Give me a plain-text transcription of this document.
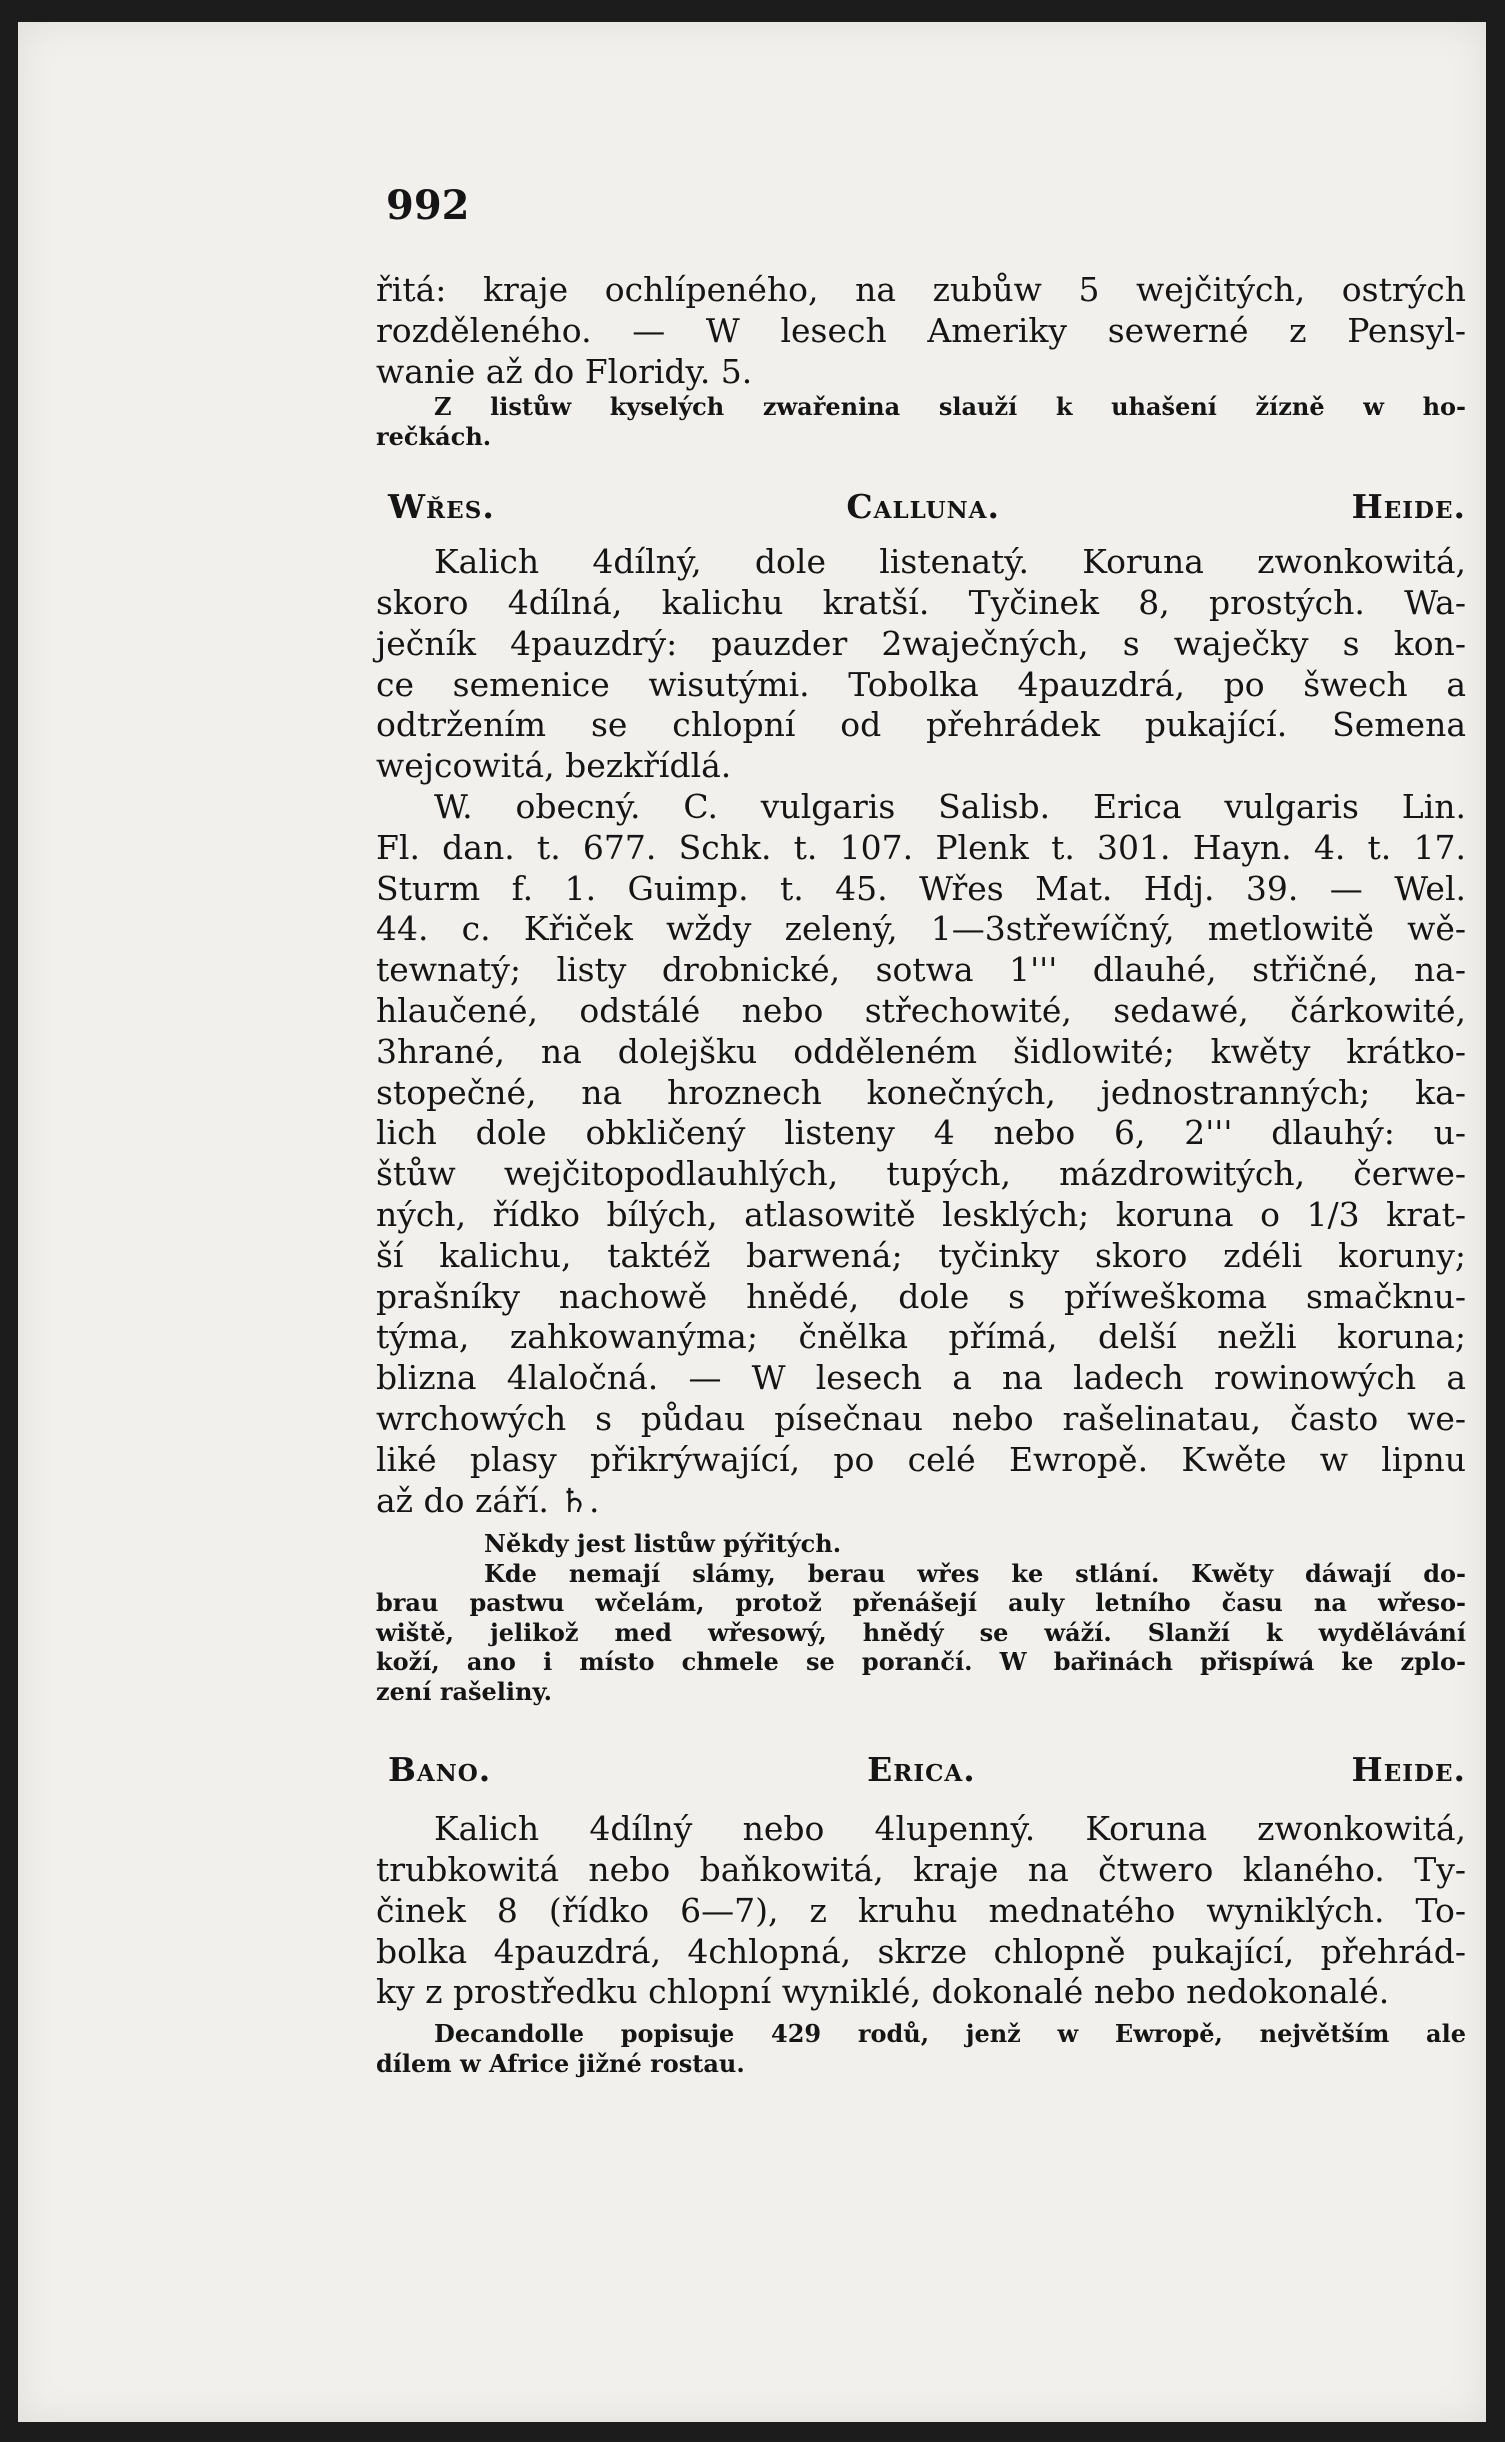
992

řitá: kraje ochlípeného, na zubůw 5 wejčitých, ostrých

rozděleného. — W lesech Ameriky sewerné z Pensyl-

wanie až do Floridy. 5.

Z listůw kyselých zwařenina slauží k uhašení žízně w ho-

rečkách.

Wřes. Calluna. Heide.

Kalich 4dílný, dole listenatý. Koruna zwonkowitá,

skoro 4dílná, kalichu kratší. Tyčinek 8, prostých. Wa-

ječník 4pauzdrý: pauzder 2waječných, s waječky s kon-

ce semenice wisutými. Tobolka 4pauzdrá, po šwech a

odtržením se chlopní od přehrádek pukající. Semena

wejcowitá, bezkřídlá.

W. obecný. C. vulgaris Salisb. Erica vulgaris Lin.

Fl. dan. t. 677. Schk. t. 107. Plenk t. 301. Hayn. 4. t. 17.

Sturm f. 1. Guimp. t. 45. Wřes Mat. Hdj. 39. — Wel.

44. c. Křiček wždy zelený, 1—3střewíčný, metlowitě wě-

tewnatý; listy drobnické, sotwa 1''' dlauhé, střičné, na-

hlaučené, odstálé nebo střechowité, sedawé, čárkowité,

3hrané, na dolejšku odděleném šidlowité; kwěty krátko-

stopečné, na hroznech konečných, jednostranných; ka-

lich dole obkličený listeny 4 nebo 6, 2''' dlauhý: u-

štůw wejčitopodlauhlých, tupých, mázdrowitých, čerwe-

ných, řídko bílých, atlasowitě lesklých; koruna o 1/3 krat-

ší kalichu, taktéž barwená; tyčinky skoro zdéli koruny;

prašníky nachowě hnědé, dole s příweškoma smačknu-

týma, zahkowanýma; čnělka přímá, delší nežli koruna;

blizna 4laločná. — W lesech a na ladech rowinowých a

wrchowých s půdau písečnau nebo rašelinatau, často we-

liké plasy přikrýwající, po celé Ewropě. Kwěte w lipnu

až do září. ♄.

Někdy jest listůw pýřitých.

Kde nemají slámy, berau wřes ke stlání. Kwěty dáwají do-

brau pastwu wčelám, protož přenášejí auly letního času na wřeso-

wiště, jelikož med wřesowý, hnědý se wáží. Slanží k wydělávání

koží, ano i místo chmele se porančí. W bařinách přispíwá ke zplo-

zení rašeliny.

Bano. Erica. Heide.

Kalich 4dílný nebo 4lupenný. Koruna zwonkowitá,

trubkowitá nebo baňkowitá, kraje na čtwero klaného. Ty-

činek 8 (řídko 6—7), z kruhu mednatého wyniklých. To-

bolka 4pauzdrá, 4chlopná, skrze chlopně pukající, přehrád-

ky z prostředku chlopní wyniklé, dokonalé nebo nedokonalé.

Decandolle popisuje 429 rodů, jenž w Ewropě, největším ale

dílem w Africe jižné rostau.
